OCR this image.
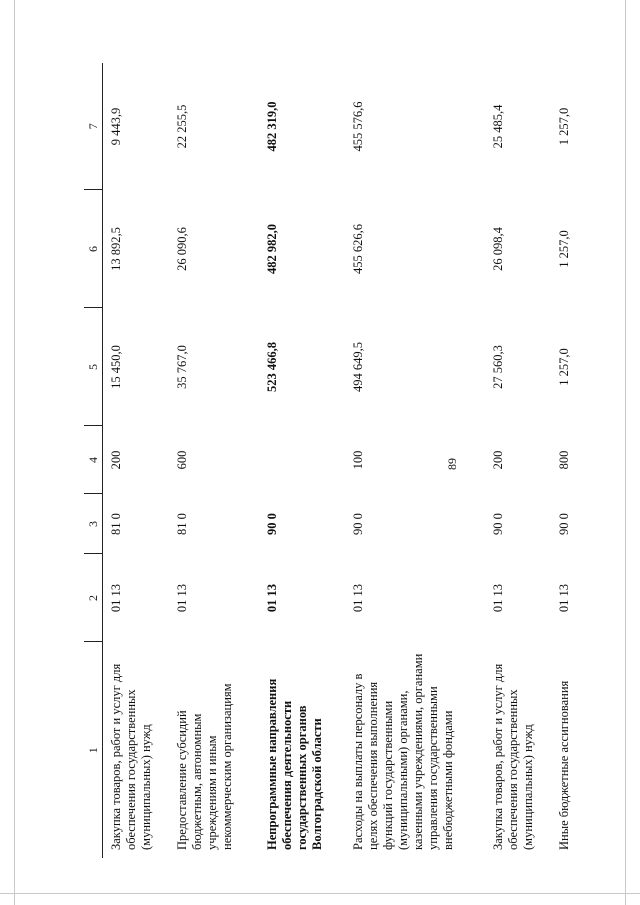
89
1	2	3	4	5	6	7
Закупка товаров, работ и услуг для обеспечения государственных (муниципальных) нужд	01 13	81 0	200	15 450,0	13 892,5	9 443,9
Предоставление субсидий бюджетным, автономным учреждениям и иным некоммерческим организациям	01 13	81 0	600	35 767,0	26 090,6	22 255,5
Непрограммные направления обеспечения деятельности государственных органов Волгоградской области	01 13	90 0		523 466,8	482 982,0	482 319,0
Расходы на выплаты персоналу в целях обеспечения выполнения функций государственными (муниципальными) органами, казенными учреждениями, органами управления государственными внебюджетными фондами	01 13	90 0	100	494 649,5	455 626,6	455 576,6
Закупка товаров, работ и услуг для обеспечения государственных (муниципальных) нужд	01 13	90 0	200	27 560,3	26 098,4	25 485,4
Иные бюджетные ассигнования	01 13	90 0	800	1 257,0	1 257,0	1 257,0
